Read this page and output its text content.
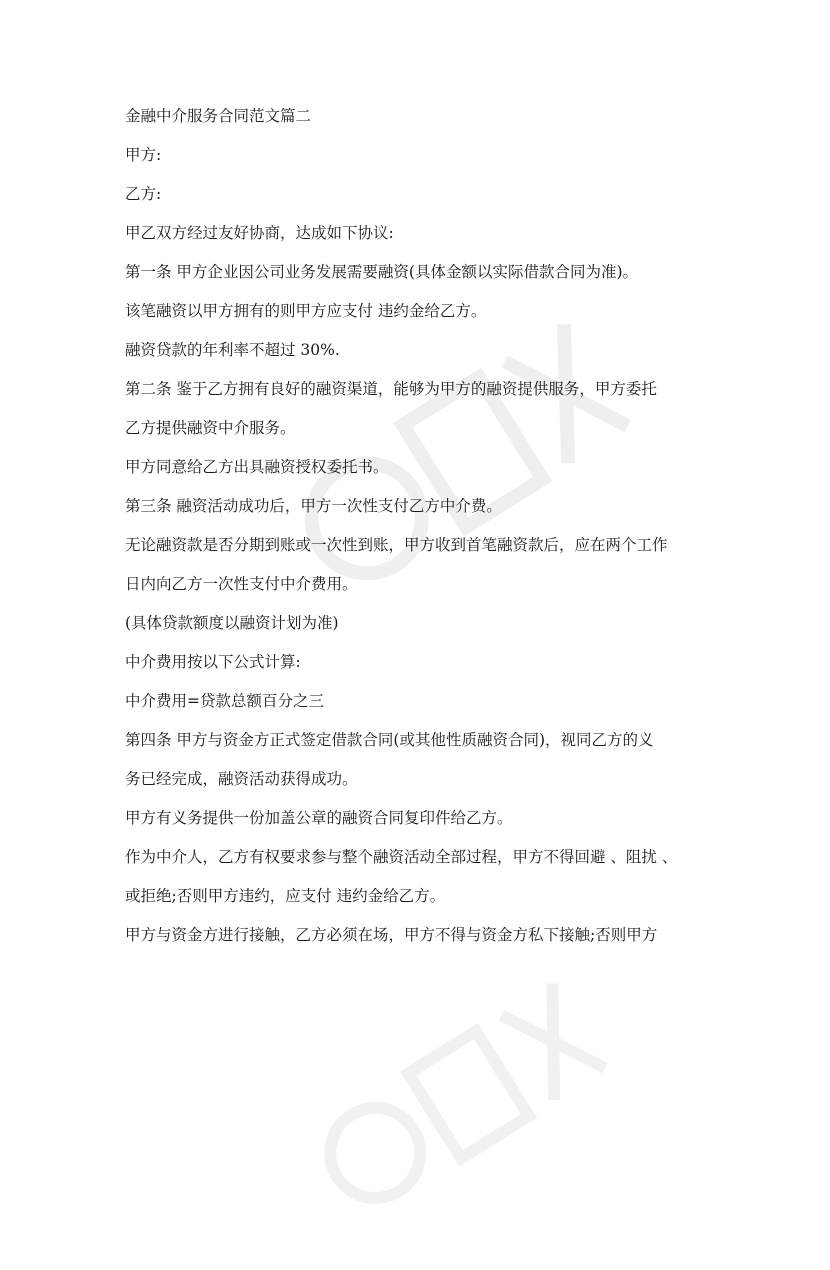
金融中介服务合同范文篇二

甲方:

乙方:

甲乙双方经过友好协商，达成如下协议:

第一条 甲方企业因公司业务发展需要融资(具体金额以实际借款合同为准)。

该笔融资以甲方拥有的则甲方应支付 违约金给乙方。

融资贷款的年利率不超过 30%.

第二条 鉴于乙方拥有良好的融资渠道，能够为甲方的融资提供服务，甲方委托

乙方提供融资中介服务。

甲方同意给乙方出具融资授权委托书。

第三条 融资活动成功后，甲方一次性支付乙方中介费。

无论融资款是否分期到账或一次性到账，甲方收到首笔融资款后，应在两个工作

日内向乙方一次性支付中介费用。

(具体贷款额度以融资计划为准)

中介费用按以下公式计算:

中介费用=贷款总额百分之三

第四条 甲方与资金方正式签定借款合同(或其他性质融资合同)，视同乙方的义

务已经完成，融资活动获得成功。

甲方有义务提供一份加盖公章的融资合同复印件给乙方。

作为中介人，乙方有权要求参与整个融资活动全部过程，甲方不得回避 、阻扰 、

或拒绝;否则甲方违约，应支付 违约金给乙方。

甲方与资金方进行接触，乙方必须在场，甲方不得与资金方私下接触;否则甲方
